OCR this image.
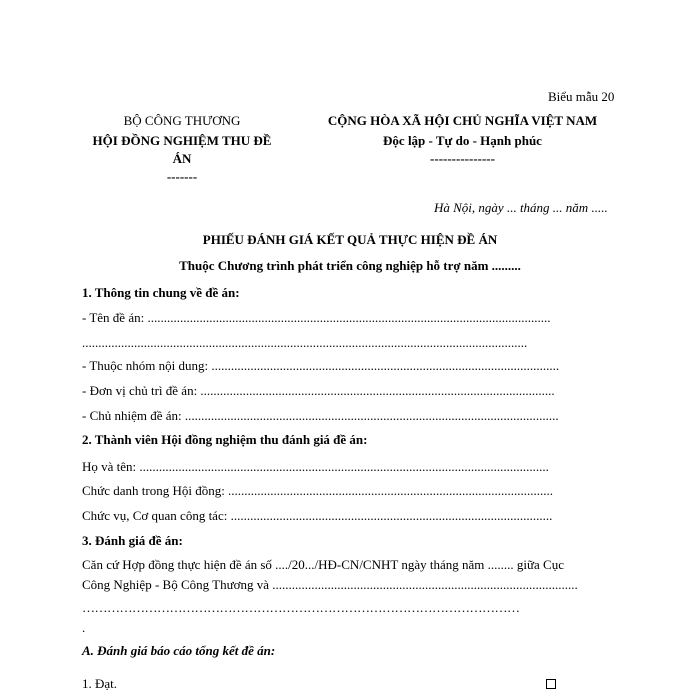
Biểu mẫu 20
BỘ CÔNG THƯƠNG
HỘI ĐỒNG NGHIỆM THU ĐỀ
ÁN
-------
CỘNG HÒA XÃ HỘI CHỦ NGHĨA VIỆT NAM
Độc lập - Tự do - Hạnh phúc
---------------
Hà Nội, ngày ... tháng ... năm .....
PHIẾU ĐÁNH GIÁ KẾT QUẢ THỰC HIỆN ĐỀ ÁN
Thuộc Chương trình phát triển công nghiệp hỗ trợ năm .........
1. Thông tin chung về đề án:
- Tên đề án: ............................................................................................................................
.........................................................................................................................................
- Thuộc nhóm nội dung: ...........................................................................................................
- Đơn vị chủ trì đề án: .............................................................................................................
- Chủ nhiệm đề án: ...................................................................................................................
2. Thành viên Hội đồng nghiệm thu đánh giá đề án:
Họ và tên: ..............................................................................................................................
Chức danh trong Hội đồng: ....................................................................................................
Chức vụ, Cơ quan công tác: ...................................................................................................
3. Đánh giá đề án:
Căn cứ Hợp đồng thực hiện đề án số ..../20.../HĐ-CN/CNHT ngày tháng năm ........ giữa Cục
Công Nghiệp - Bộ Công Thương và ..............................................................................................
……………………………………………………………………………………………
.
A. Đánh giá báo cáo tổng kết đề án:
1. Đạt.
